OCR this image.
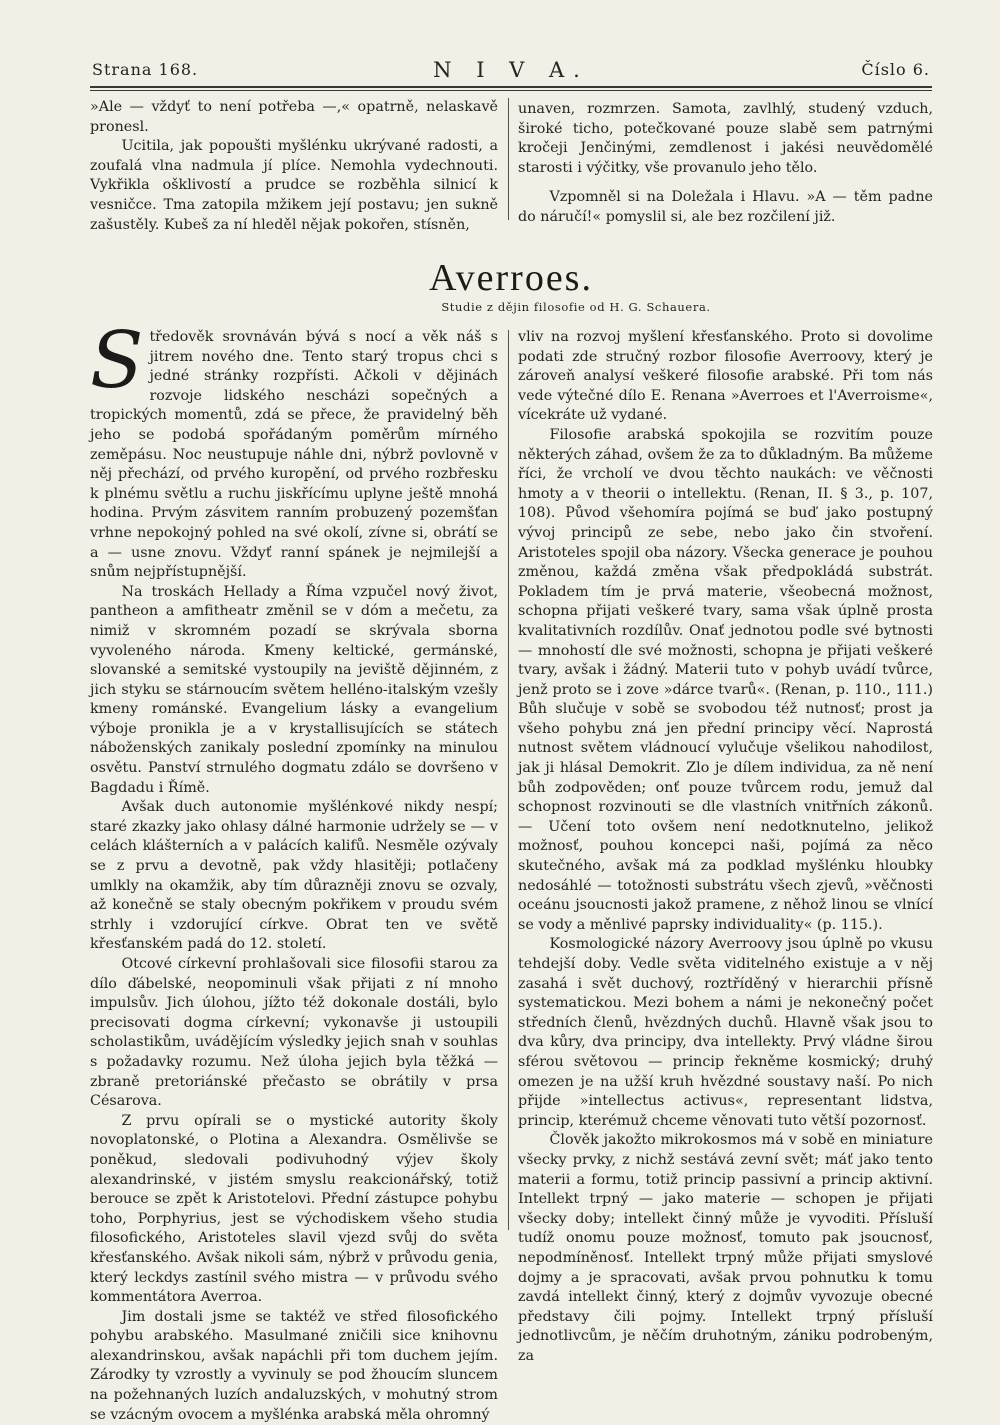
Strana 168.	N I V A.	Číslo 6.

»Ale — vždyť to není potřeba —,« opatrně, nelaskavě pronesl.

Ucitila, jak popoušti myšlénku ukrývané radosti, a zoufalá vlna nadmula jí plíce. Nemohla vydechnouti. Vykřikla ošklivostí a prudce se rozběhla silnicí k vesničce. Tma zatopila mžikem její postavu; jen sukně zašustěly. Kubeš za ní hleděl nějak pokořen, stísněn,

unaven, rozmrzen. Samota, zavlhlý, studený vzduch, široké ticho, potečkované pouze slabě sem patrnými kročeji Jenčinými, zemdlenost i jakési neuvědomělé starosti i výčitky, vše provanulo jeho tělo.

Vzpomněl si na Doležala i Hlavu. »A — těm padne do náručí!« pomyslil si, ale bez rozčilení již.

Averroes.
Studie z dějin filosofie od H. G. Schauera.

Středověk srovnáván bývá s nocí a věk náš s jitrem nového dne. Tento starý tropus chci s jedné stránky rozpřísti. Ačkoli v dějinách rozvoje lidského nescházi sopečných a tropických momentů, zdá se přece, že pravidelný běh jeho se podobá spořádaným poměrům mírného zeměpásu. Noc neustupuje náhle dni, nýbrž povlovně v něj přechází, od prvého kuropění, od prvého rozbřesku k plnému světlu a ruchu jiskřícímu uplyne ještě mnohá hodina. Prvým zásvitem ranním probuzený pozemšťan vrhne nepokojný pohled na své okolí, zívne si, obrátí se a — usne znovu. Vždyť ranní spánek je nejmilejší a snům nejpřístupnější.

Na troskách Hellady a Říma vzpučel nový život, pantheon a amfitheatr změnil se v dóm a mečetu, za nimiž v skromném pozadí se skrývala sborna vyvoleného národa. Kmeny keltické, germánské, slovanské a semitské vystoupily na jeviště dějinném, z jich styku se stárnoucím světem helléno-italským vzešly kmeny románské. Evangelium lásky a evangelium výboje pronikla je a v krystallisujících se státech náboženských zanikaly poslední zpomínky na minulou osvětu. Panství strnulého dogmatu zdálo se dovršeno v Bagdadu i Římě.

Avšak duch autonomie myšlénkové nikdy nespí; staré zkazky jako ohlasy dálné harmonie udržely se — v celách klášterních a v palácích kalifů. Nesměle ozývaly se z prvu a devotně, pak vždy hlasitěji; potlačeny umlkly na okamžik, aby tím důrazněji znovu se ozvaly, až konečně se staly obecným pokřikem v proudu svém strhly i vzdorující církve. Obrat ten ve světě křesťanském padá do 12. století.

Otcové církevní prohlašovali sice filosofii starou za dílo ďábelské, neopominuli však přijati z ní mnoho impulsův. Jich úlohou, jížto též dokonale dostáli, bylo precisovati dogma církevní; vykonavše ji ustoupili scholastikům, uváděјícím výsledky jejich snah v souhlas s požadavky rozumu. Než úloha jejich byla těžká — zbraně pretoriánské přečasto se obrátily v prsa Césarova.

Z prvu opírali se o mystické autority školy novoplatonské, o Plotina a Alexandra. Osmělivše se poněkud, sledovali podivuhodný výjev školy alexandrinské, v jistém smyslu reakcionářský, totiž berouce se zpět k Aristotelovi. Přední zástupce pohybu toho, Porphyrius, jest se východiskem všeho studia filosofického, Aristoteles slavil vjezd svůj do světa křesťanského. Avšak nikoli sám, nýbrž v průvodu genia, který leckdys zastínil svého mistra — v průvodu svého kommentátora Averroa.

Jim dostali jsme se taktéž ve střed filosofického pohybu arabského. Masulmané zničili sice knihovnu alexandrinskou, avšak napáchli při tom duchem jejím. Zárodky ty vzrostly a vyvinuly se pod žhoucím sluncem na požehnaných luzích andaluzských, v mohutný strom se vzácným ovocem a myšlénka arabská měla ohromný

vliv na rozvoj myšlení křesťanského. Proto si dovolime podati zde stručný rozbor filosofie Averroovy, který je zároveň analysí veškeré filosofie arabské. Při tom nás vede výtečné dílo E. Renana »Averroes et l'Averroisme«, vícekráte už vydané.

Filosofie arabská spokojila se rozvitím pouze některých záhad, ovšem že za to důkladným. Ba můžeme říci, že vrcholí ve dvou těchto naukách: ve věčnosti hmoty a v theorii o intellektu. (Renan, II. § 3., p. 107, 108). Původ všehomíra pojímá se buď jako postupný vývoj principů ze sebe, nebo jako čin stvoření. Aristoteles spojil oba názory. Všecka generace je pouhou změnou, každá změna však předpokládá substrát. Pokladem tím je prvá materie, všeobecná možnost, schopna přijati veškeré tvary, sama však úplně prosta kvalitativních rozdílův. Onať jednotou podle své bytnosti — mnohostí dle své možnosti, schopna je přijati veškeré tvary, avšak i žádný. Materii tuto v pohyb uvádí tvůrce, jenž proto se i zove »dárce tvarů«. (Renan, p. 110., 111.) Bůh slučuje v sobě se svobodou též nutnosť; prost ja všeho pohybu zná jen přední principy věcí. Naprostá nutnost světem vládnoucí vylučuje všelikou nahodilost, jak ji hlásal Demokrit. Zlo je dílem individua, za ně není bůh zodpověden; onť pouze tvůrcem rodu, jemuž dal schopnost rozvinouti se dle vlastních vnitřních zákonů. — Učení toto ovšem není nedotknutelno, jelikož možnosť, pouhou koncepci naši, pojímá za něco skutečného, avšak má za podklad myšlénku hloubky nedosáhlé — totožnosti substrátu všech zjevů, »věčnosti oceánu jsoucnosti jakož pramene, z něhož linou se vlnící se vody a měnlivé paprsky individuality« (p. 115.).

Kosmologické názory Averroovy jsou úplně po vkusu tehdejší doby. Vedle světa viditelného existuje a v něj zasahá i svět duchový, roztříděný v hierarchii přísně systematickou. Mezi bohem a námi je nekonečný počet středních členů, hvězdných duchů. Hlavně však jsou to dva kůry, dva principy, dva intellekty. Prvý vládne širou sférou světovou — princip řekněme kosmický; druhý omezen je na užší kruh hvězdné soustavy naší. Po nich přijde »intellectus activus«, representant lidstva, princip, kterémuž chceme věnovati tuto větší pozornosť.

Člověk jakožto mikrokosmos má v sobě en miniature všecky prvky, z nichž sestává zevní svět; máť jako tento materii a formu, totiž princip passivní a princip aktivní. Intellekt trpný — jako materie — schopen je přijati všecky doby; intellekt činný může je vyvoditi. Přísluší tudíž onomu pouze možnosť, tomuto pak jsoucnosť, nepodmíněnosť. Intellekt trpný může přijati smyslové dojmy a je spracovati, avšak prvou pohnutku k tomu zavdá intellekt činný, který z dojmův vyvozuje obecné představy čili pojmy. Intellekt trpný přísluší jednotlivcům, je něčím druhotným, zániku podrobeným, za
